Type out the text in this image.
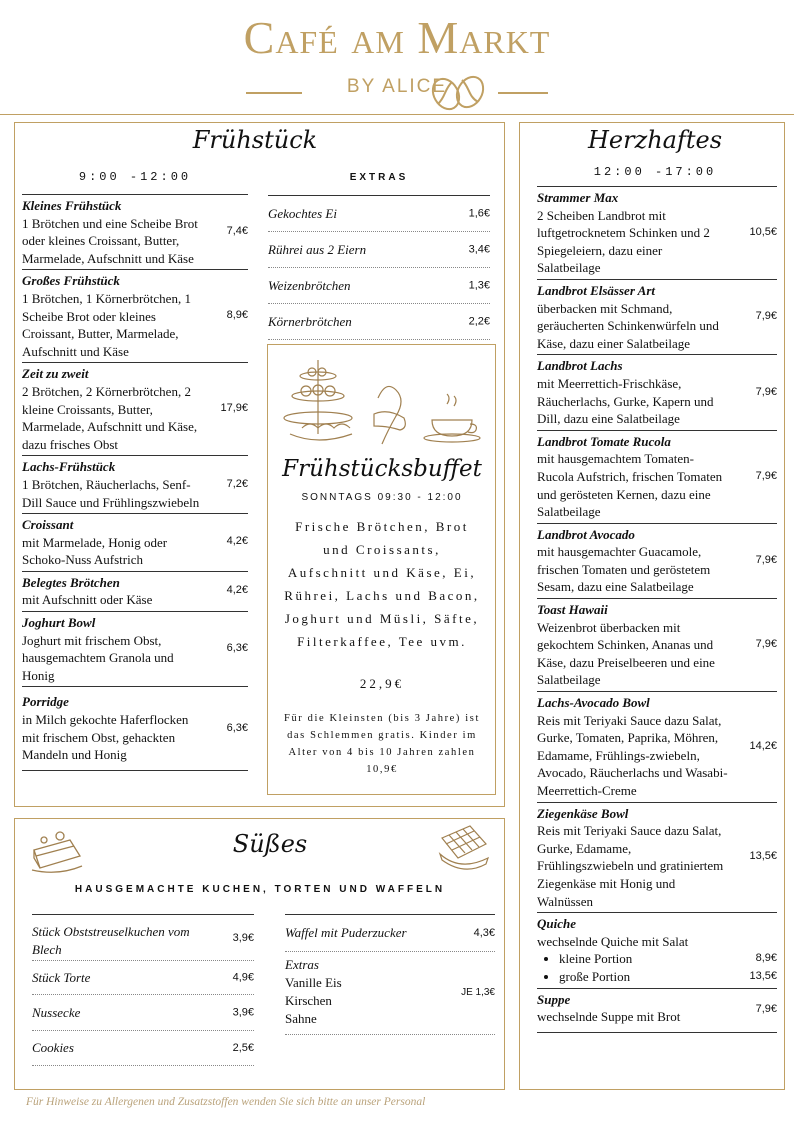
Café am Markt
BY ALICE
Frühstück
9:00 -12:00
Kleines Frühstück
1 Brötchen und eine Scheibe Brot oder kleines Croissant, Butter, Marmelade, Aufschnitt und Käse
7,4€
Großes Frühstück
1 Brötchen, 1 Körnerbrötchen, 1 Scheibe Brot oder kleines Croissant, Butter, Marmelade, Aufschnitt und Käse
8,9€
Zeit zu zweit
2 Brötchen, 2 Körnerbrötchen, 2 kleine Croissants, Butter, Marmelade, Aufschnitt und Käse, dazu frisches Obst
17,9€
Lachs-Frühstück
1 Brötchen, Räucherlachs, Senf-Dill Sauce und Frühlingszwiebeln
7,2€
Croissant
mit Marmelade, Honig oder Schoko-Nuss Aufstrich
4,2€
Belegtes Brötchen
mit Aufschnitt oder Käse
4,2€
Joghurt Bowl
Joghurt mit frischem Obst, hausgemachtem Granola und Honig
6,3€
Porridge
in Milch gekochte Haferflocken mit frischem Obst, gehackten Mandeln und Honig
6,3€
EXTRAS
Gekochtes Ei	1,6€
Rührei aus 2 Eiern	3,4€
Weizenbrötchen	1,3€
Körnerbrötchen	2,2€
Frühstücksbuffet
SONNTAGS 09:30 - 12:00
Frische Brötchen, Brot und Croissants, Aufschnitt und Käse, Ei, Rührei, Lachs und Bacon, Joghurt und Müsli, Säfte, Filterkaffee, Tee uvm.
22,9€
Für die Kleinsten (bis 3 Jahre) ist das Schlemmen gratis. Kinder im Alter von 4 bis 10 Jahren zahlen 10,9€
Süßes
HAUSGEMACHTE KUCHEN, TORTEN UND WAFFELN
Stück Obststreuselkuchen vom Blech
3,9€
Stück Torte	4,9€
Nussecke	3,9€
Cookies	2,5€
Waffel mit Puderzucker	4,3€
Extras
Vanille Eis
Kirschen
Sahne
JE 1,3€
Herzhaftes
12:00 -17:00
Strammer Max
2 Scheiben Landbrot mit luftgetrocknetem Schinken und 2 Spiegeleiern, dazu einer Salatbeilage
10,5€
Landbrot Elsässer Art
überbacken mit Schmand, geräucherten Schinkenwürfeln und Käse, dazu einer Salatbeilage
7,9€
Landbrot Lachs
mit Meerrettich-Frischkäse, Räucherlachs, Gurke, Kapern und Dill, dazu eine Salatbeilage
7,9€
Landbrot Tomate Rucola
mit hausgemachtem Tomaten-Rucola Aufstrich, frischen Tomaten und gerösteten Kernen, dazu eine Salatbeilage
7,9€
Landbrot Avocado
mit hausgemachter Guacamole, frischen Tomaten und geröstetem Sesam, dazu eine Salatbeilage
7,9€
Toast Hawaii
Weizenbrot überbacken mit gekochtem Schinken, Ananas und Käse, dazu Preiselbeeren und eine Salatbeilage
7,9€
Lachs-Avocado Bowl
Reis mit Teriyaki Sauce dazu Salat, Gurke, Tomaten, Paprika, Möhren, Edamame, Frühlings-zwiebeln, Avocado, Räucherlachs und Wasabi-Meerrettich-Creme
14,2€
Ziegenkäse Bowl
Reis mit Teriyaki Sauce dazu Salat, Gurke, Edamame, Frühlingszwiebeln und gratiniertem Ziegenkäse mit Honig und Walnüssen
13,5€
Quiche
wechselnde Quiche mit Salat
• kleine Portion	8,9€
• große Portion	13,5€
Suppe
wechselnde Suppe mit Brot	7,9€
Für Hinweise zu Allergenen und Zusatzstoffen wenden Sie sich bitte an unser Personal
